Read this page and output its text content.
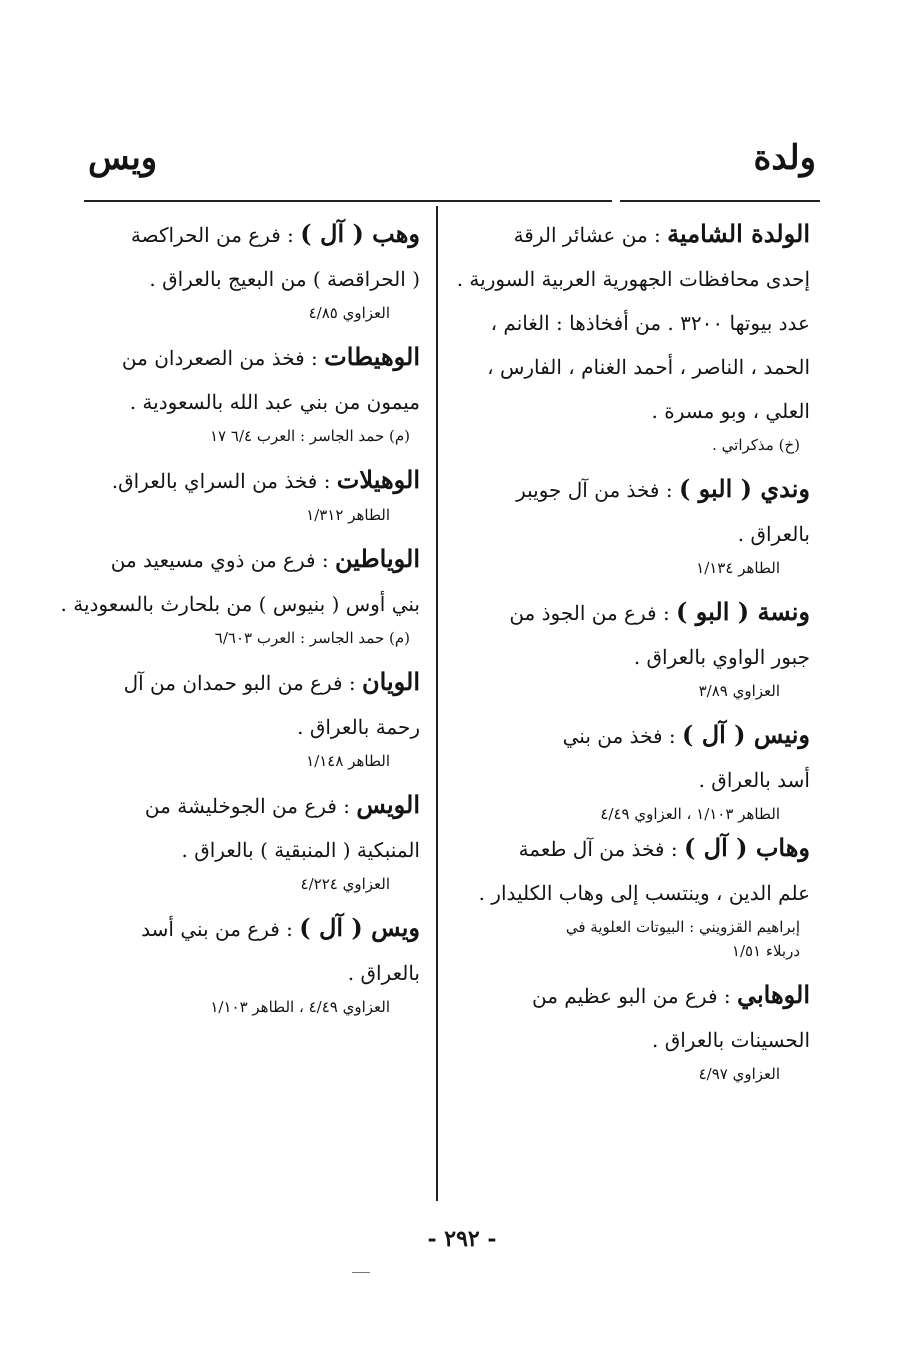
ولدة
ويس

الولدة الشامية : من عشائر الرقة

إحدى محافظات الجهورية العربية السورية .

عدد بيوتها ٣٢٠٠ . من أفخاذها : الغانم ،

الحمد ، الناصر ، أحمد الغنام ، الفارس ،

العلي ، وبو مسرة .

(خ) مذكراتي .

وندي ( البو ) : فخذ من آل جويبر

بالعراق .

الطاهر ١/١٣٤

ونسة ( البو ) : فرع من الجوذ من

جبور الواوي بالعراق .

العزاوي ٣/٨٩

ونيس ( آل ) : فخذ من بني

أسد بالعراق .

الطاهر ١/١٠٣ ، العزاوي ٤/٤٩

وهاب ( آل ) : فخذ من آل طعمة

علم الدين ، وينتسب إلى وهاب الكليدار .

إبراهيم القزويني : البيوتات العلوية في

دربلاء ١/٥١

الوهابي : فرع من البو عظيم من

الحسينات بالعراق .

العزاوي ٤/٩٧

وهب ( آل ) : فرع من الحراكصة

( الحراقصة ) من البعيج بالعراق .

العزاوي ٤/٨٥

الوهيطات : فخذ من الصعردان من

ميمون من بني عبد الله بالسعودية .

(م) حمد الجاسر : العرب ٦/٤ ١٧

الوهيلات : فخذ من السراي بالعراق.

الطاهر ١/٣١٢

الوياطين : فرع من ذوي مسيعيد من

بني أوس ( بنيوس ) من بلحارث بالسعودية .

(م) حمد الجاسر : العرب ٦/٦٠٣

الويان : فرع من البو حمدان من آل

رحمة بالعراق .

الطاهر ١/١٤٨

الويس : فرع من الجوخليشة من

المنبكية ( المنبقية ) بالعراق .

العزاوي ٤/٢٢٤

ويس ( آل ) : فرع من بني أسد

بالعراق .

العزاوي ٤/٤٩ ، الطاهر ١/١٠٣

- ٢٩٢ -
